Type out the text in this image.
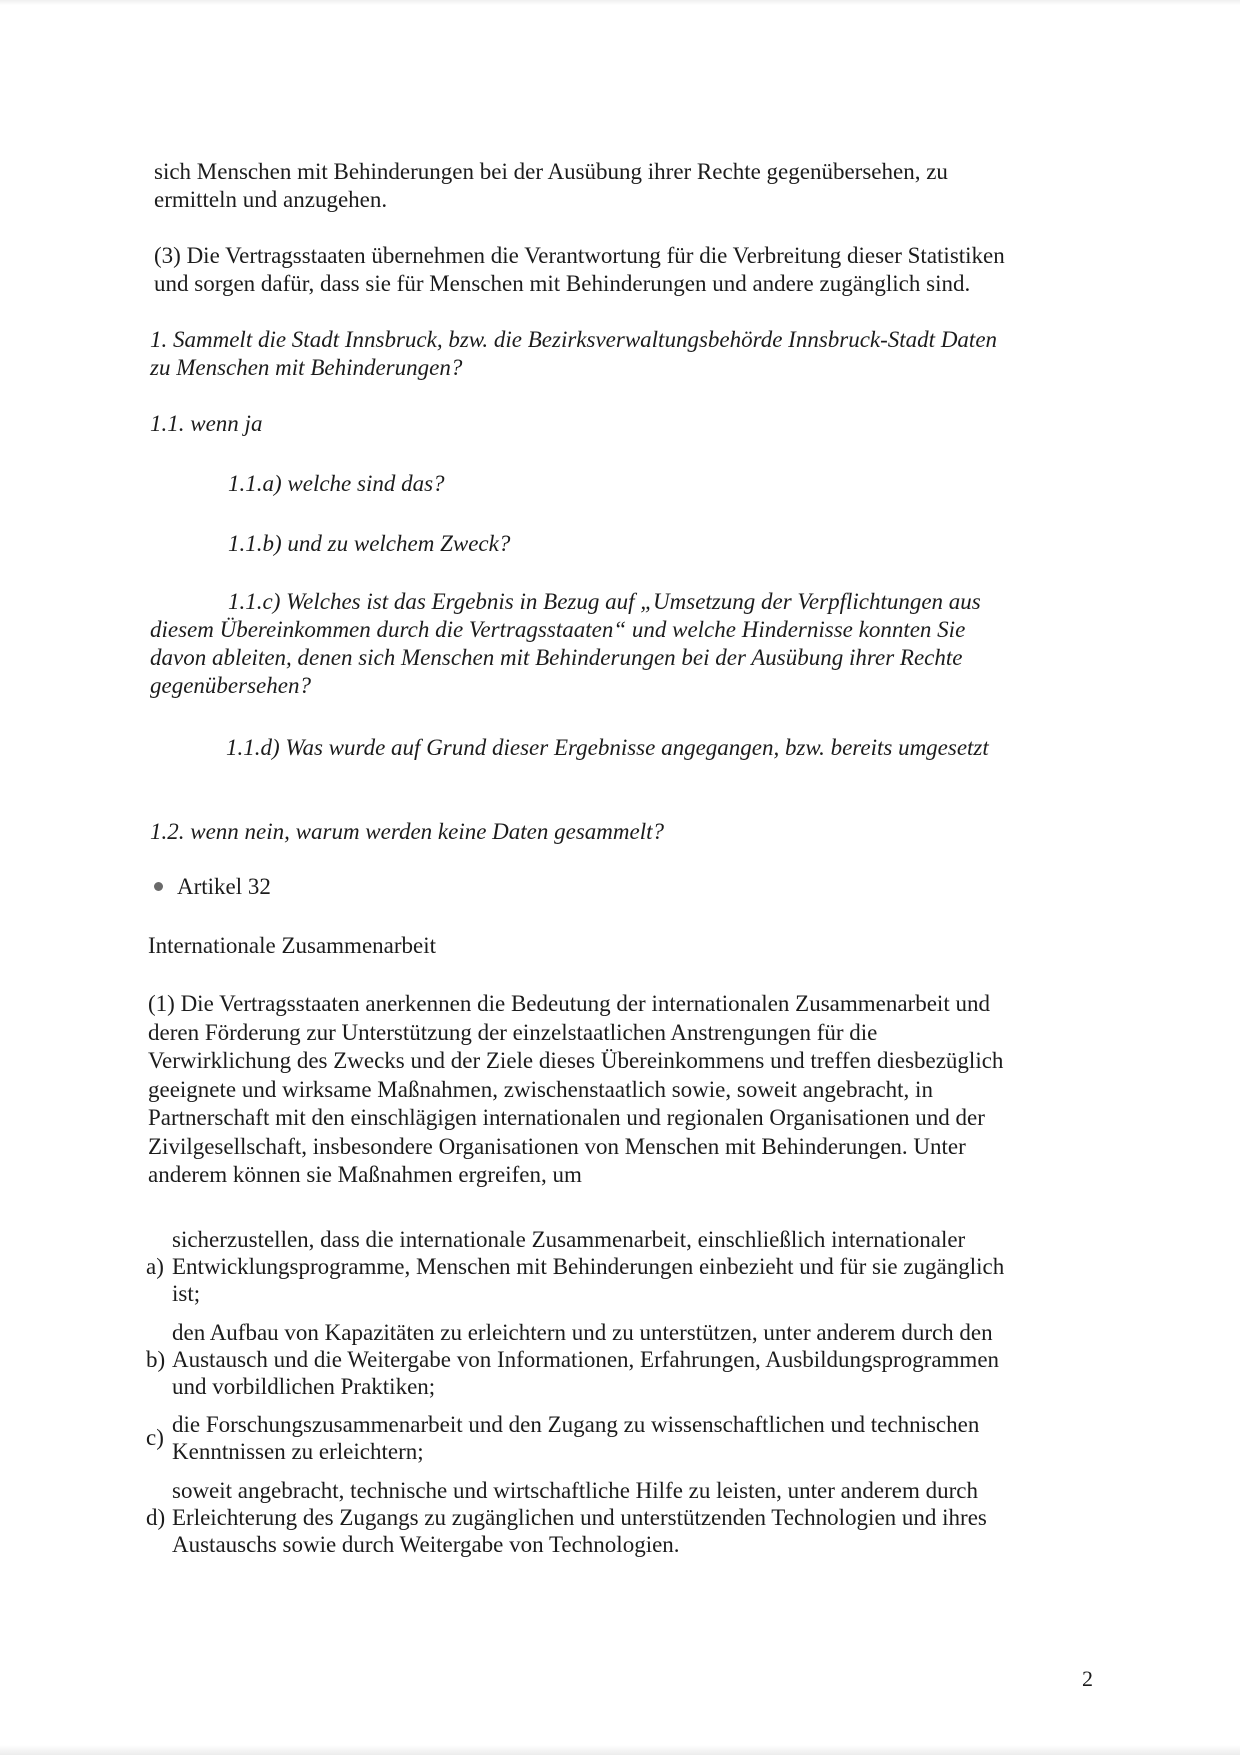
sich Menschen mit Behinderungen bei der Ausübung ihrer Rechte gegenübersehen, zu
ermitteln und anzugehen.
(3) Die Vertragsstaaten übernehmen die Verantwortung für die Verbreitung dieser Statistiken
und sorgen dafür, dass sie für Menschen mit Behinderungen und andere zugänglich sind.
1. Sammelt die Stadt Innsbruck, bzw. die Bezirksverwaltungsbehörde Innsbruck-Stadt Daten
zu Menschen mit Behinderungen?
1.1. wenn ja
1.1.a) welche sind das?
1.1.b) und zu welchem Zweck?
1.1.c) Welches ist das Ergebnis in Bezug auf „Umsetzung der Verpflichtungen aus
diesem Übereinkommen durch die Vertragsstaaten“ und welche Hindernisse konnten Sie
davon ableiten, denen sich Menschen mit Behinderungen bei der Ausübung ihrer Rechte
gegenübersehen?
1.1.d) Was wurde auf Grund dieser Ergebnisse angegangen, bzw. bereits umgesetzt
1.2. wenn nein, warum werden keine Daten gesammelt?
Artikel 32
Internationale Zusammenarbeit
(1) Die Vertragsstaaten anerkennen die Bedeutung der internationalen Zusammenarbeit und
deren Förderung zur Unterstützung der einzelstaatlichen Anstrengungen für die
Verwirklichung des Zwecks und der Ziele dieses Übereinkommens und treffen diesbezüglich
geeignete und wirksame Maßnahmen, zwischenstaatlich sowie, soweit angebracht, in
Partnerschaft mit den einschlägigen internationalen und regionalen Organisationen und der
Zivilgesellschaft, insbesondere Organisationen von Menschen mit Behinderungen. Unter
anderem können sie Maßnahmen ergreifen, um
a)
sicherzustellen, dass die internationale Zusammenarbeit, einschließlich internationaler
Entwicklungsprogramme, Menschen mit Behinderungen einbezieht und für sie zugänglich
ist;
b)
den Aufbau von Kapazitäten zu erleichtern und zu unterstützen, unter anderem durch den
Austausch und die Weitergabe von Informationen, Erfahrungen, Ausbildungsprogrammen
und vorbildlichen Praktiken;
c)
die Forschungszusammenarbeit und den Zugang zu wissenschaftlichen und technischen
Kenntnissen zu erleichtern;
d)
soweit angebracht, technische und wirtschaftliche Hilfe zu leisten, unter anderem durch
Erleichterung des Zugangs zu zugänglichen und unterstützenden Technologien und ihres
Austauschs sowie durch Weitergabe von Technologien.
2
